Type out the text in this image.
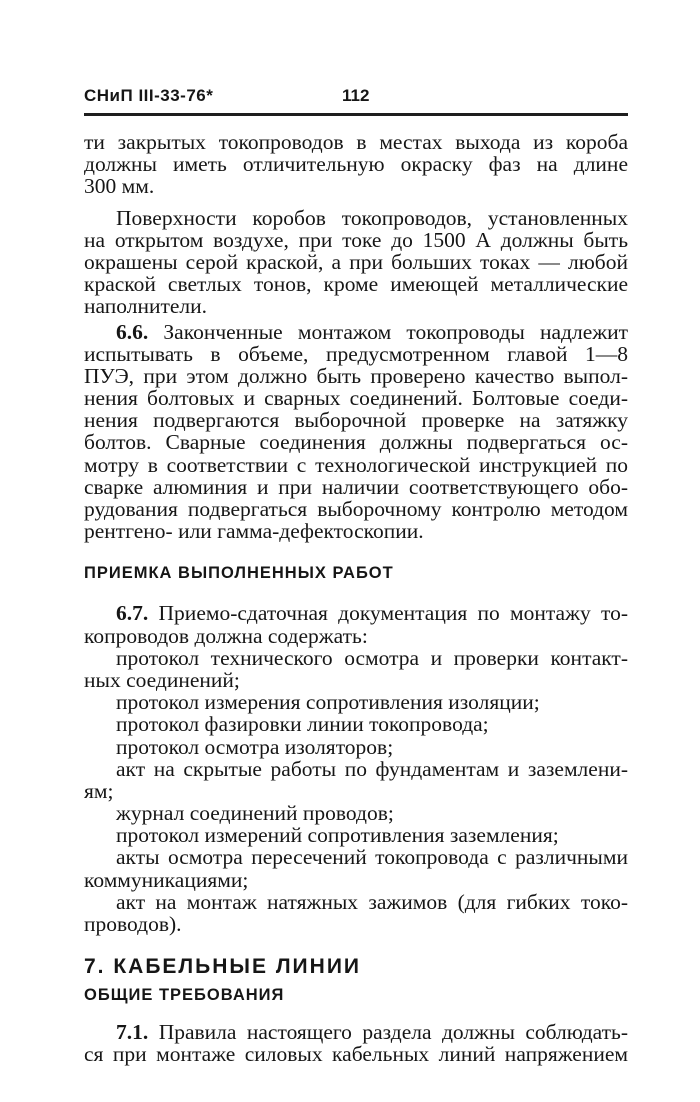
СНиП III-33-76*	112
ти закрытых токопроводов в местах выхода из короба
должны иметь отличительную окраску фаз на длине
300 мм.
Поверхности коробов токопроводов, установленных
на открытом воздухе, при токе до 1500 А должны быть
окрашены серой краской, а при больших токах — любой
краской светлых тонов, кроме имеющей металлические
наполнители.
6.6. Законченные монтажом токопроводы надлежит
испытывать в объеме, предусмотренном главой 1—8
ПУЭ, при этом должно быть проверено качество выпол-
нения болтовых и сварных соединений. Болтовые соеди-
нения подвергаются выборочной проверке на затяжку
болтов. Сварные соединения должны подвергаться ос-
мотру в соответствии с технологической инструкцией по
сварке алюминия и при наличии соответствующего обо-
рудования подвергаться выборочному контролю методом
рентгено- или гамма-дефектоскопии.
ПРИЕМКА ВЫПОЛНЕННЫХ РАБОТ
6.7. Приемо-сдаточная документация по монтажу то-
копроводов должна содержать:
протокол технического осмотра и проверки контакт-
ных соединений;
протокол измерения сопротивления изоляции;
протокол фазировки линии токопровода;
протокол осмотра изоляторов;
акт на скрытые работы по фундаментам и заземлени-
ям;
журнал соединений проводов;
протокол измерений сопротивления заземления;
акты осмотра пересечений токопровода с различными
коммуникациями;
акт на монтаж натяжных зажимов (для гибких токо-
проводов).
7. КАБЕЛЬНЫЕ ЛИНИИ
ОБЩИЕ ТРЕБОВАНИЯ
7.1. Правила настоящего раздела должны соблюдать-
ся при монтаже силовых кабельных линий напряжением
